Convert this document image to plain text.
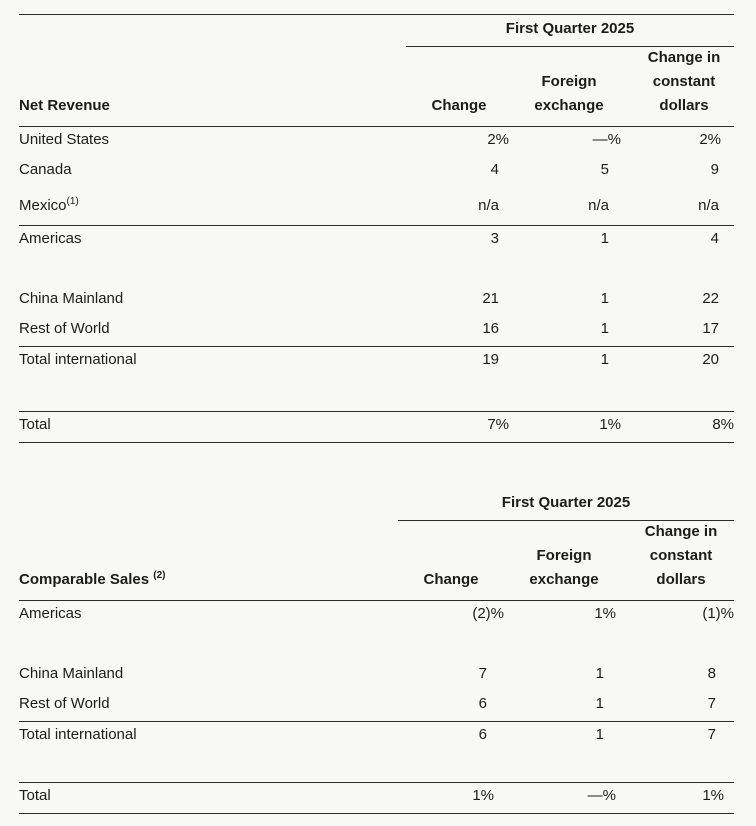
First Quarter 2025
Net Revenue	Change
Foreign
exchange
Change in
constant
dollars
United States	2%	—%	2%
Canada	4	5	9
Mexico$^{(1)}$	n/a	n/a	n/a
Americas	3	1	4
China Mainland	21	1	22
Rest of World	16	1	17
Total international	19	1	20
Total	7%	1%	8%
First Quarter 2025
Comparable Sales $^{(2)}$	Change
Foreign
exchange
Change in
constant
dollars
Americas	(2)%	1%	(1)%
China Mainland	7	1	8
Rest of World	6	1	7
Total international	6	1	7
Total	1%	—%	1%
